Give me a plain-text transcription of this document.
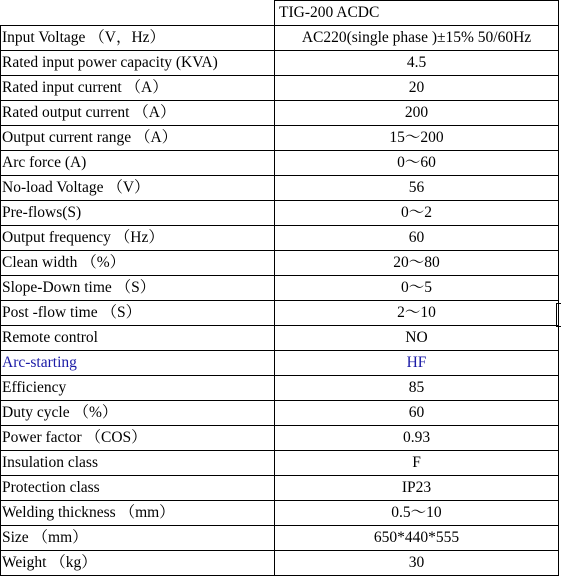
	TIG-200 ACDC
Input Voltage （V，Hz）	AC220(single phase )±15% 50/60Hz
Rated input power capacity (KVA)	4.5
Rated input current （A）	20
Rated output current （A）	200
Output current range （A）	15～200
Arc force (A)	0～60
No-load Voltage （V）	56
Pre-flows(S)	0～2
Output frequency （Hz）	60
Clean width （%）	20～80
Slope-Down time （S）	0～5
Post -flow time （S）	2～10
Remote control	NO
Arc-starting	HF
Efficiency	85
Duty cycle （%）	60
Power factor （COS）	0.93
Insulation class	F
Protection class	IP23
Welding thickness （mm）	0.5～10
Size （mm）	650*440*555
Weight （kg）	30
